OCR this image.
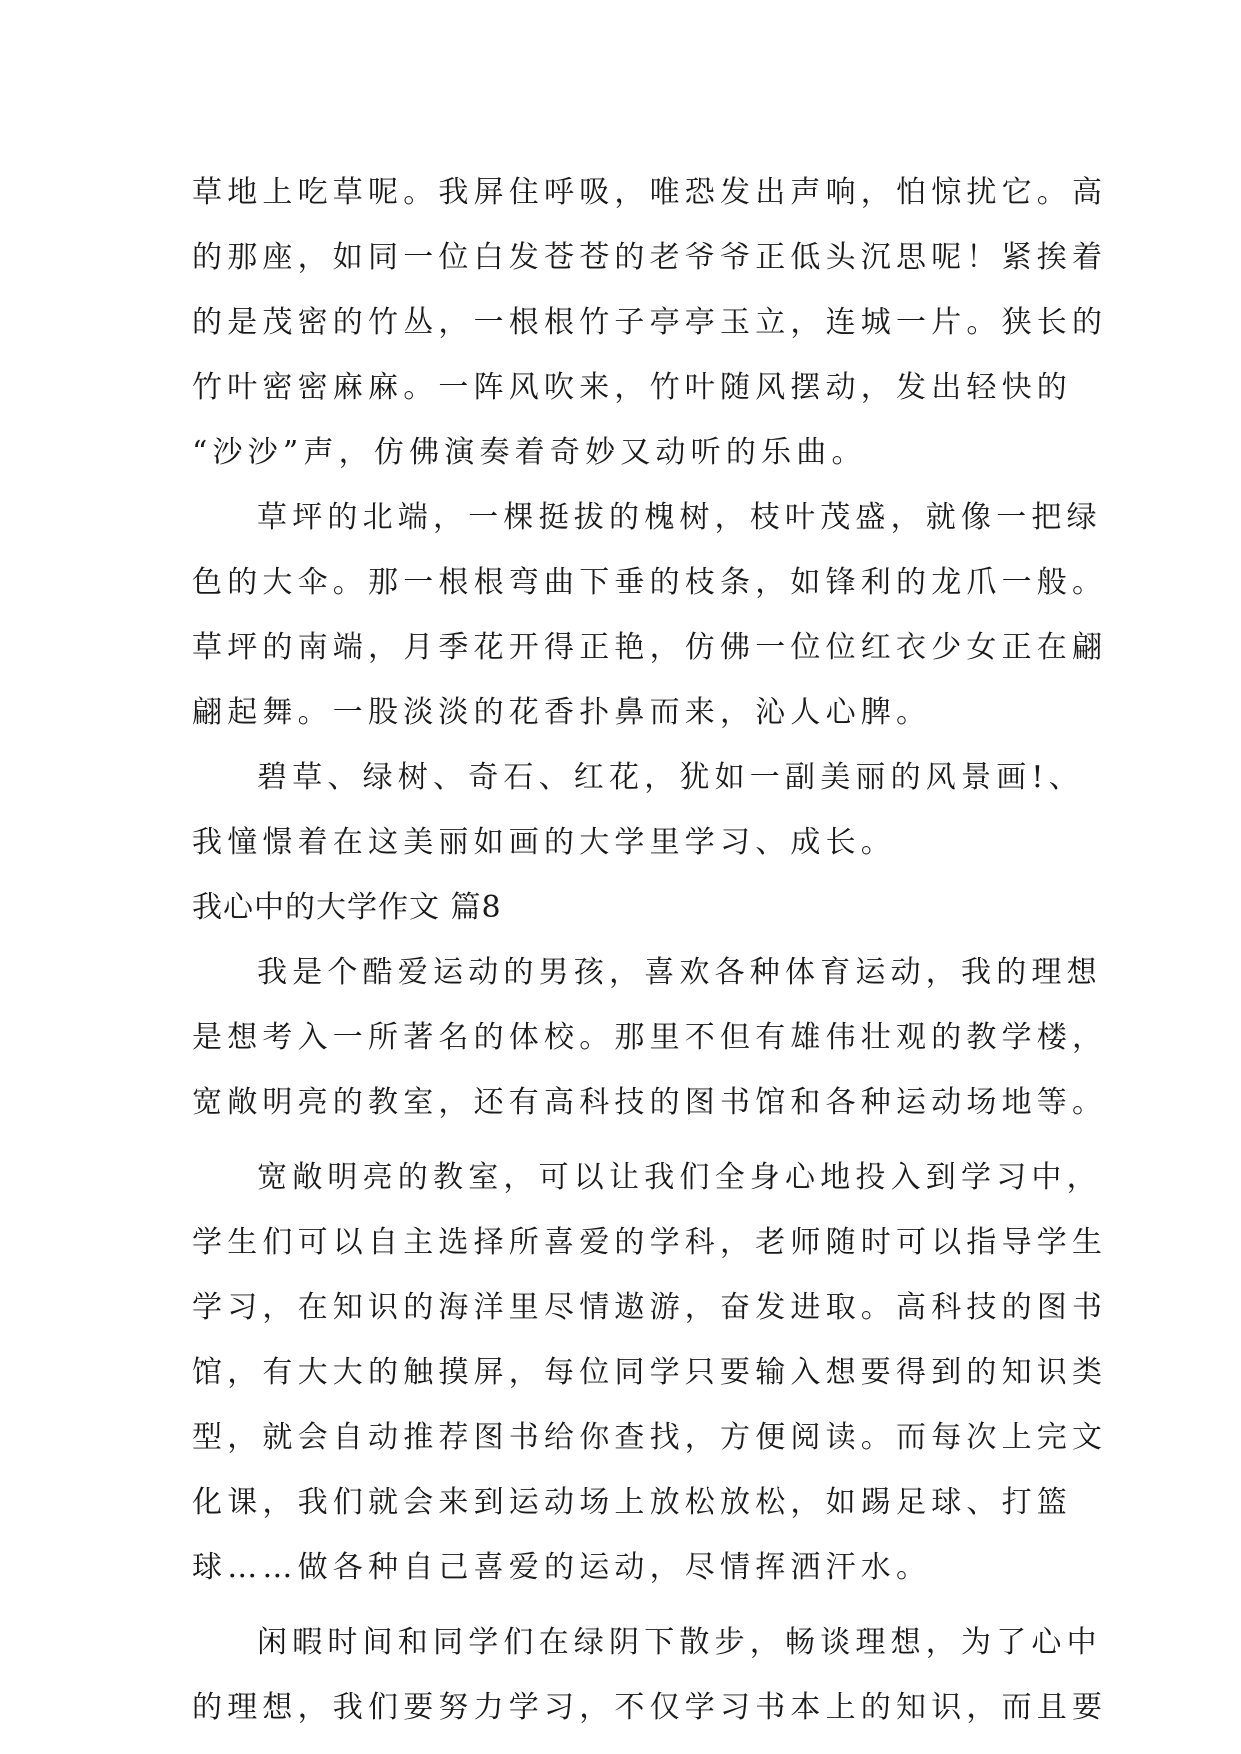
草地上吃草呢。我屏住呼吸，唯恐发出声响，怕惊扰它。高
的那座，如同一位白发苍苍的老爷爷正低头沉思呢！紧挨着
的是茂密的竹丛，一根根竹子亭亭玉立，连城一片。狭长的
竹叶密密麻麻。一阵风吹来，竹叶随风摆动，发出轻快的
“沙沙”声，仿佛演奏着奇妙又动听的乐曲。
草坪的北端，一棵挺拔的槐树，枝叶茂盛，就像一把绿
色的大伞。那一根根弯曲下垂的枝条，如锋利的龙爪一般。
草坪的南端，月季花开得正艳，仿佛一位位红衣少女正在翩
翩起舞。一股淡淡的花香扑鼻而来，沁人心脾。
碧草、绿树、奇石、红花，犹如一副美丽的风景画!、
我憧憬着在这美丽如画的大学里学习、成长。
我心中的大学作文 篇8
我是个酷爱运动的男孩，喜欢各种体育运动，我的理想
是想考入一所著名的体校。那里不但有雄伟壮观的教学楼，
宽敞明亮的教室，还有高科技的图书馆和各种运动场地等。
宽敞明亮的教室，可以让我们全身心地投入到学习中，
学生们可以自主选择所喜爱的学科，老师随时可以指导学生
学习，在知识的海洋里尽情遨游，奋发进取。高科技的图书
馆，有大大的触摸屏，每位同学只要输入想要得到的知识类
型，就会自动推荐图书给你查找，方便阅读。而每次上完文
化课，我们就会来到运动场上放松放松，如踢足球、打篮
球……做各种自己喜爱的运动，尽情挥洒汗水。
闲暇时间和同学们在绿阴下散步，畅谈理想，为了心中
的理想，我们要努力学习，不仅学习书本上的知识，而且要
